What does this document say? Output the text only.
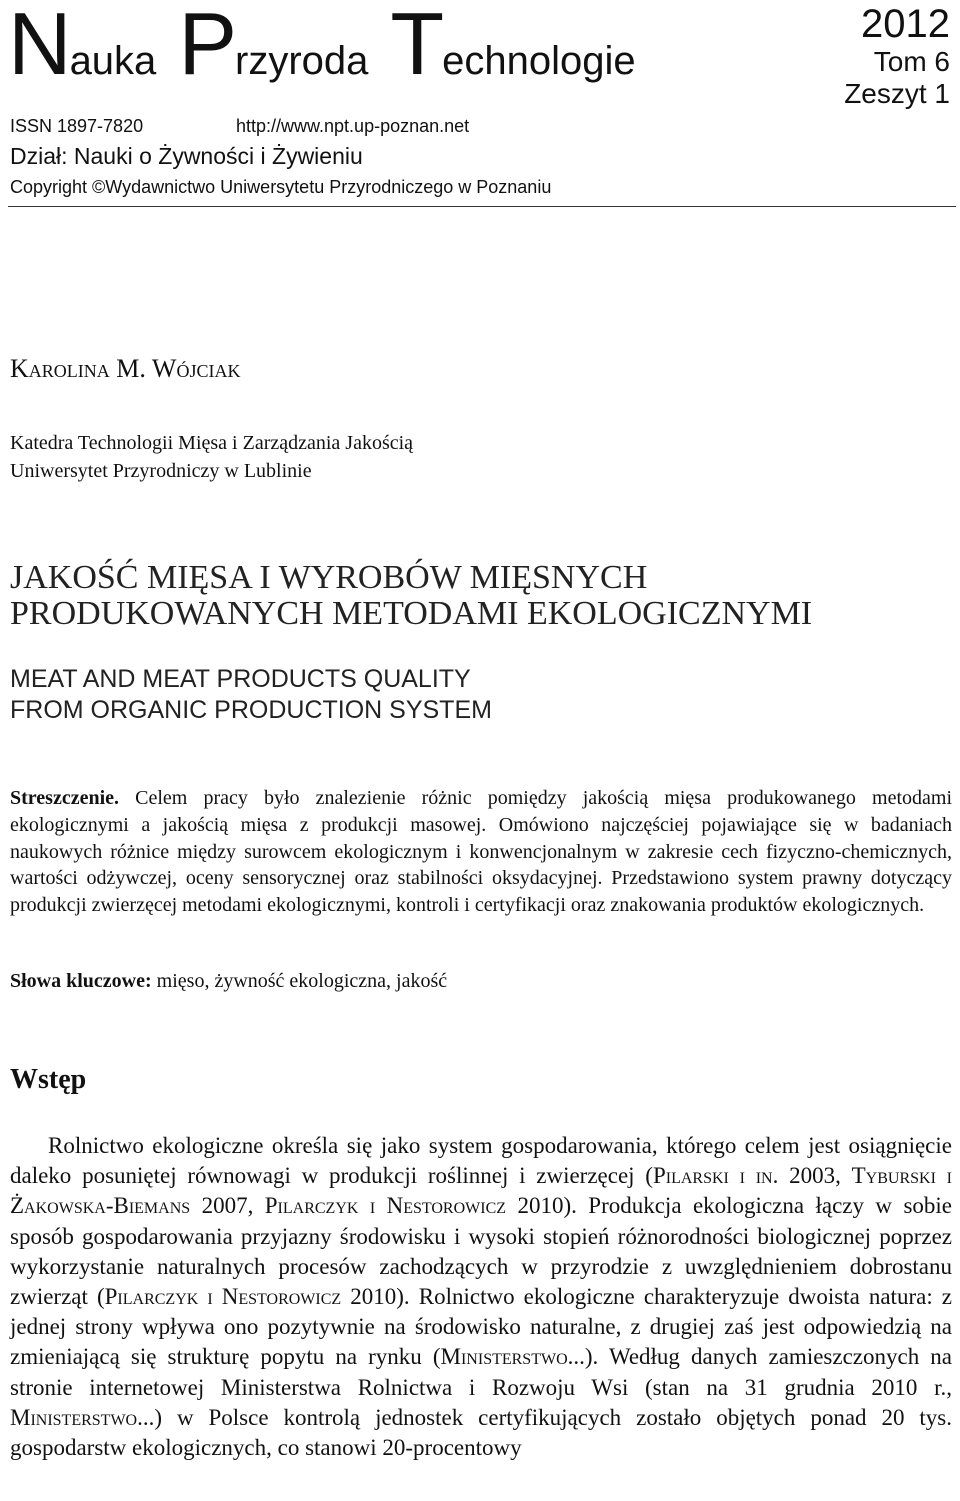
Nauka Przyroda Technologie
2012
Tom 6
Zeszyt 1
ISSN 1897-7820	http://www.npt.up-poznan.net
Dział: Nauki o Żywności i Żywieniu
Copyright ©Wydawnictwo Uniwersytetu Przyrodniczego w Poznaniu
Karolina M. Wójciak
Katedra Technologii Mięsa i Zarządzania Jakością
Uniwersytet Przyrodniczy w Lublinie
JAKOŚĆ MIĘSA I WYROBÓW MIĘSNYCH
PRODUKOWANYCH METODAMI EKOLOGICZNYMI
MEAT AND MEAT PRODUCTS QUALITY
FROM ORGANIC PRODUCTION SYSTEM
Streszczenie. Celem pracy było znalezienie różnic pomiędzy jakością mięsa produkowanego metodami ekologicznymi a jakością mięsa z produkcji masowej. Omówiono najczęściej pojawiające się w badaniach naukowych różnice między surowcem ekologicznym i konwencjonalnym w zakresie cech fizyczno-chemicznych, wartości odżywczej, oceny sensorycznej oraz stabilności oksydacyjnej. Przedstawiono system prawny dotyczący produkcji zwierzęcej metodami ekologicznymi, kontroli i certyfikacji oraz znakowania produktów ekologicznych.
Słowa kluczowe: mięso, żywność ekologiczna, jakość
Wstęp
Rolnictwo ekologiczne określa się jako system gospodarowania, którego celem jest osiągnięcie daleko posuniętej równowagi w produkcji roślinnej i zwierzęcej (Pilarski i in. 2003, Tyburski i Żakowska-Biemans 2007, Pilarczyk i Nestorowicz 2010). Produkcja ekologiczna łączy w sobie sposób gospodarowania przyjazny środowisku i wysoki stopień różnorodności biologicznej poprzez wykorzystanie naturalnych procesów zachodzących w przyrodzie z uwzględnieniem dobrostanu zwierząt (Pilarczyk i Nestorowicz 2010). Rolnictwo ekologiczne charakteryzuje dwoista natura: z jednej strony wpływa ono pozytywnie na środowisko naturalne, z drugiej zaś jest odpowiedzią na zmieniającą się strukturę popytu na rynku (Ministerstwo...). Według danych zamieszczonych na stronie internetowej Ministerstwa Rolnictwa i Rozwoju Wsi (stan na 31 grudnia 2010 r., Ministerstwo...) w Polsce kontrolą jednostek certyfikujących zostało objętych ponad 20 tys. gospodarstw ekologicznych, co stanowi 20-procentowy
